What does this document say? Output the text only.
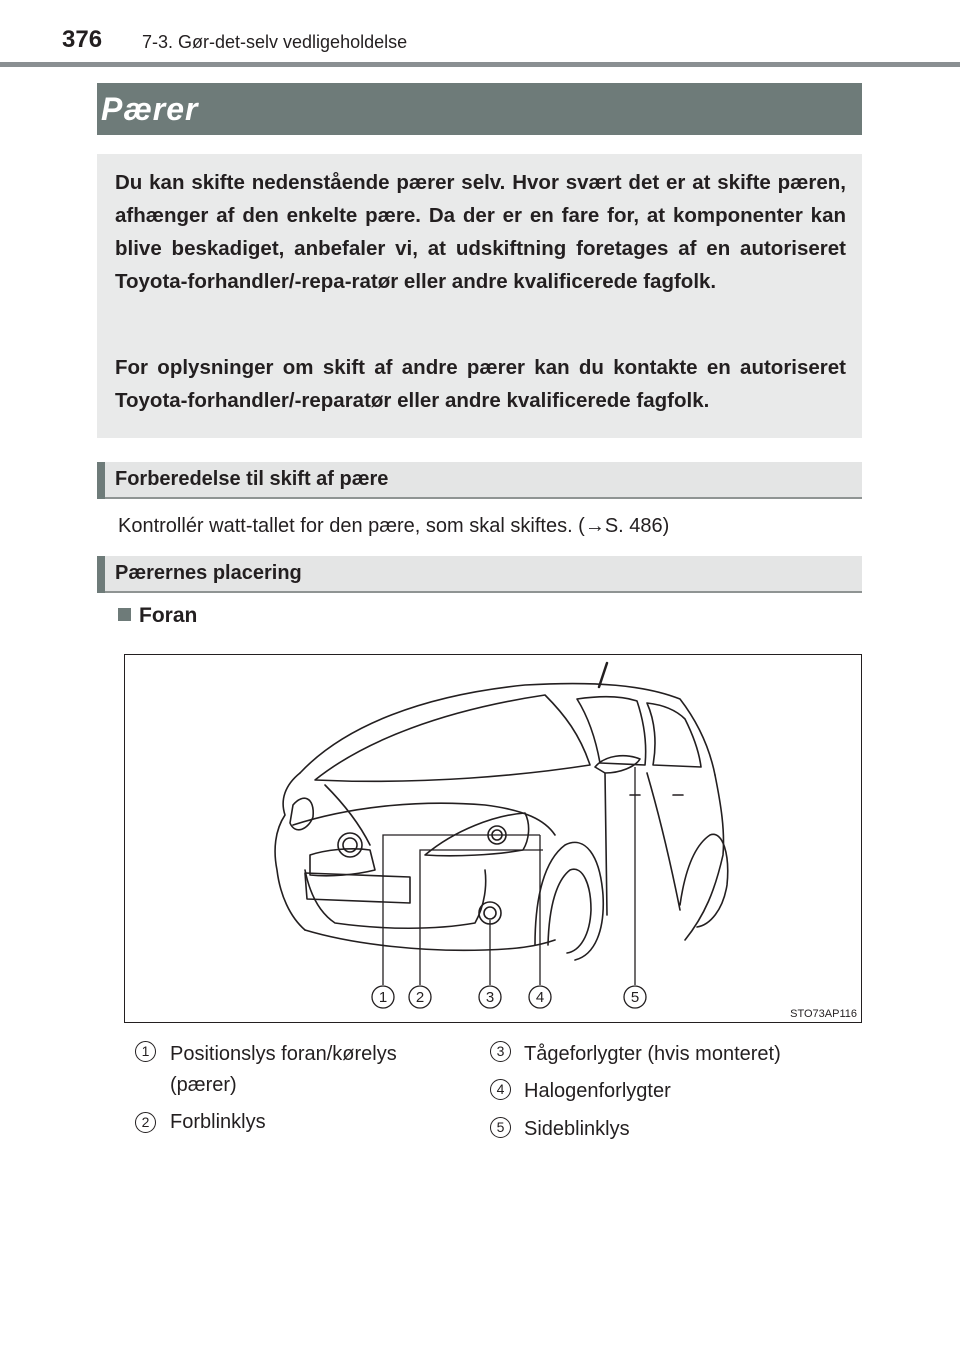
376 7-3. Gør-det-selv vedligeholdelse
Pærer

Du kan skifte nedenstående pærer selv. Hvor svært det er at skifte pæren, afhænger af den enkelte pære. Da der er en fare for, at komponenter kan blive beskadiget, anbefaler vi, at udskiftning foretages af en autoriseret Toyota-forhandler/-repa-ratør eller andre kvalificerede fagfolk.

For oplysninger om skift af andre pærer kan du kontakte en autoriseret Toyota-forhandler/-reparatør eller andre kvalificerede fagfolk.

Forberedelse til skift af pære
Kontrollér watt-tallet for den pære, som skal skiftes. (→S. 486)
Pærernes placering
Foran
1 2	3	4	5
STO73AP116
1	Positionslys foran/kørelys
(pærer)
2	Forblinklys
3 Tågeforlygter (hvis monteret)
4 Halogenforlygter
5 Sideblinklys
